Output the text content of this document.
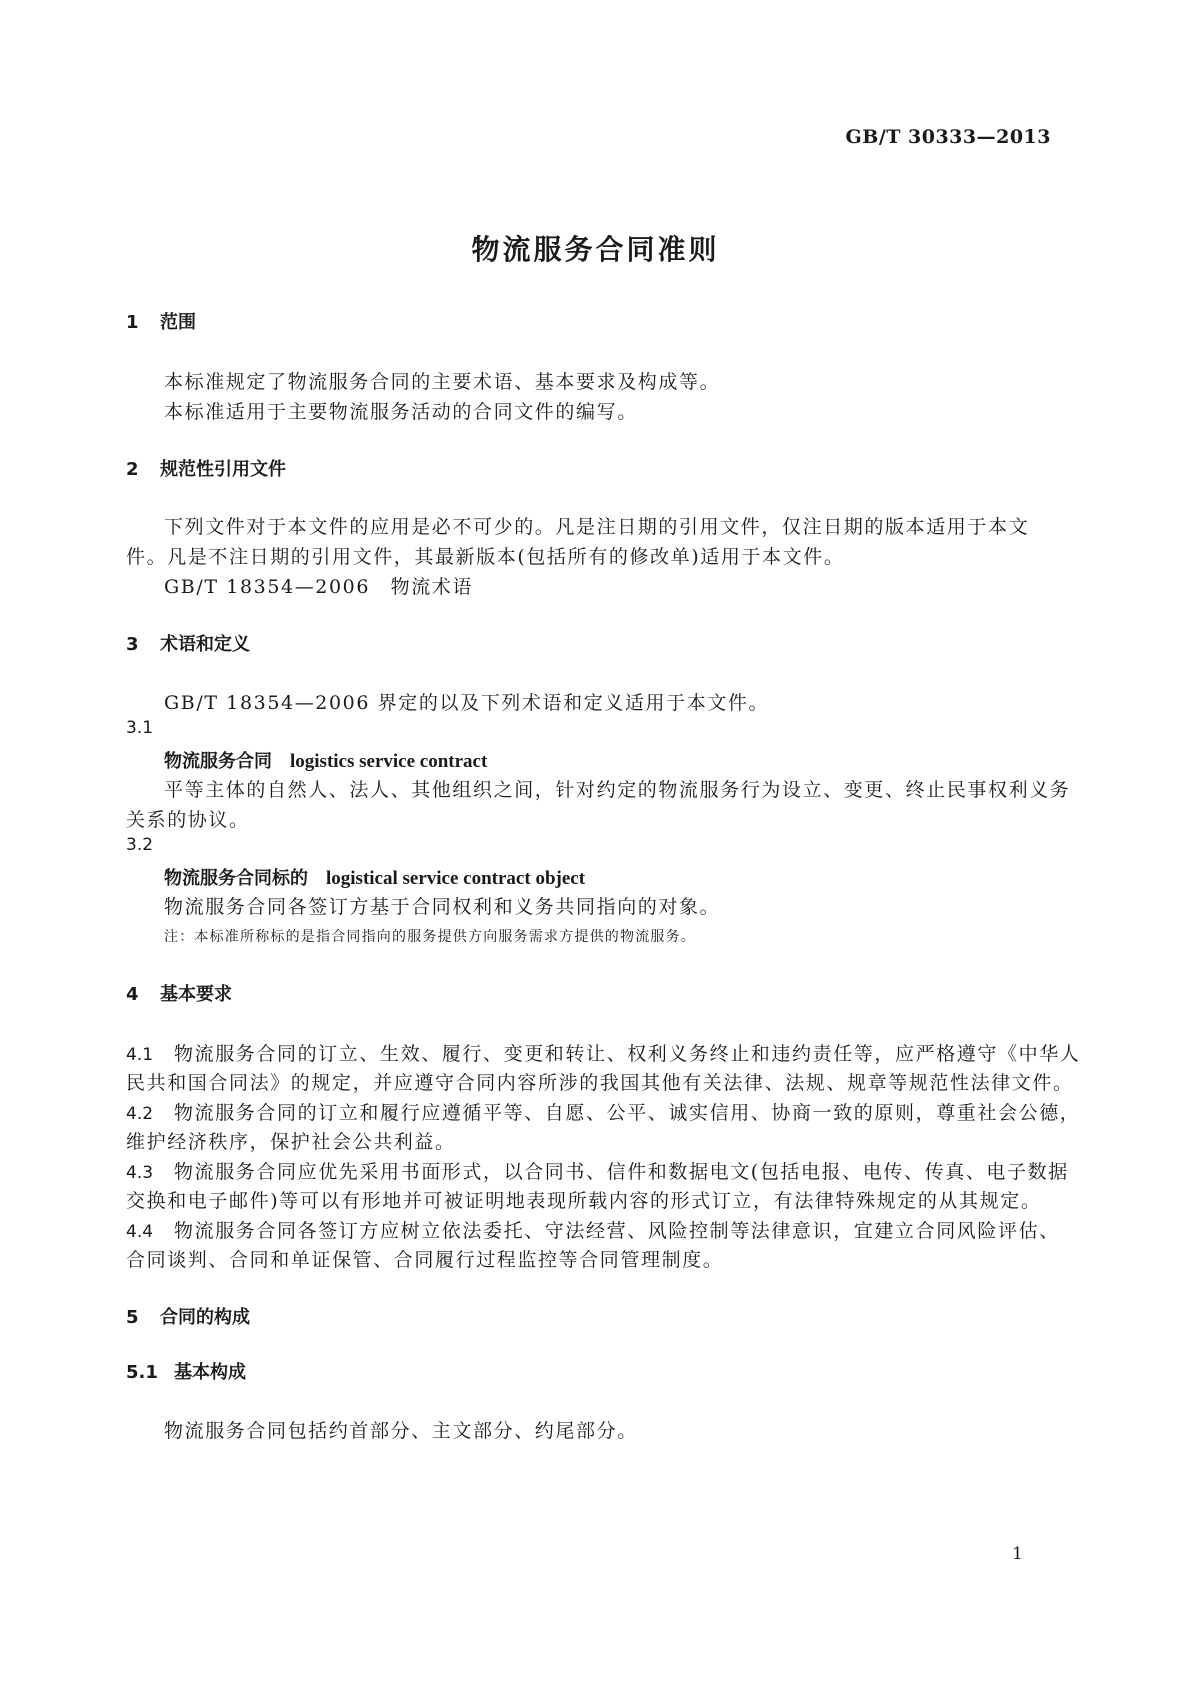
GB/T 30333—2013
物流服务合同准则
1 范围
本标准规定了物流服务合同的主要术语、基本要求及构成等。
本标准适用于主要物流服务活动的合同文件的编写。
2 规范性引用文件
下列文件对于本文件的应用是必不可少的。凡是注日期的引用文件，仅注日期的版本适用于本文
件。凡是不注日期的引用文件，其最新版本(包括所有的修改单)适用于本文件。
GB/T 18354—2006　物流术语
3 术语和定义
GB/T 18354—2006 界定的以及下列术语和定义适用于本文件。
3.1
物流服务合同 logistics service contract
平等主体的自然人、法人、其他组织之间，针对约定的物流服务行为设立、变更、终止民事权利义务
关系的协议。
3.2
物流服务合同标的 logistical service contract object
物流服务合同各签订方基于合同权利和义务共同指向的对象。
注：本标准所称标的是指合同指向的服务提供方向服务需求方提供的物流服务。
4 基本要求
4.1 物流服务合同的订立、生效、履行、变更和转让、权利义务终止和违约责任等，应严格遵守《中华人
民共和国合同法》的规定，并应遵守合同内容所涉的我国其他有关法律、法规、规章等规范性法律文件。
4.2 物流服务合同的订立和履行应遵循平等、自愿、公平、诚实信用、协商一致的原则，尊重社会公德，
维护经济秩序，保护社会公共利益。
4.3 物流服务合同应优先采用书面形式，以合同书、信件和数据电文(包括电报、电传、传真、电子数据
交换和电子邮件)等可以有形地并可被证明地表现所载内容的形式订立，有法律特殊规定的从其规定。
4.4 物流服务合同各签订方应树立依法委托、守法经营、风险控制等法律意识，宜建立合同风险评估、
合同谈判、合同和单证保管、合同履行过程监控等合同管理制度。
5 合同的构成
5.1 基本构成
物流服务合同包括约首部分、主文部分、约尾部分。
1
